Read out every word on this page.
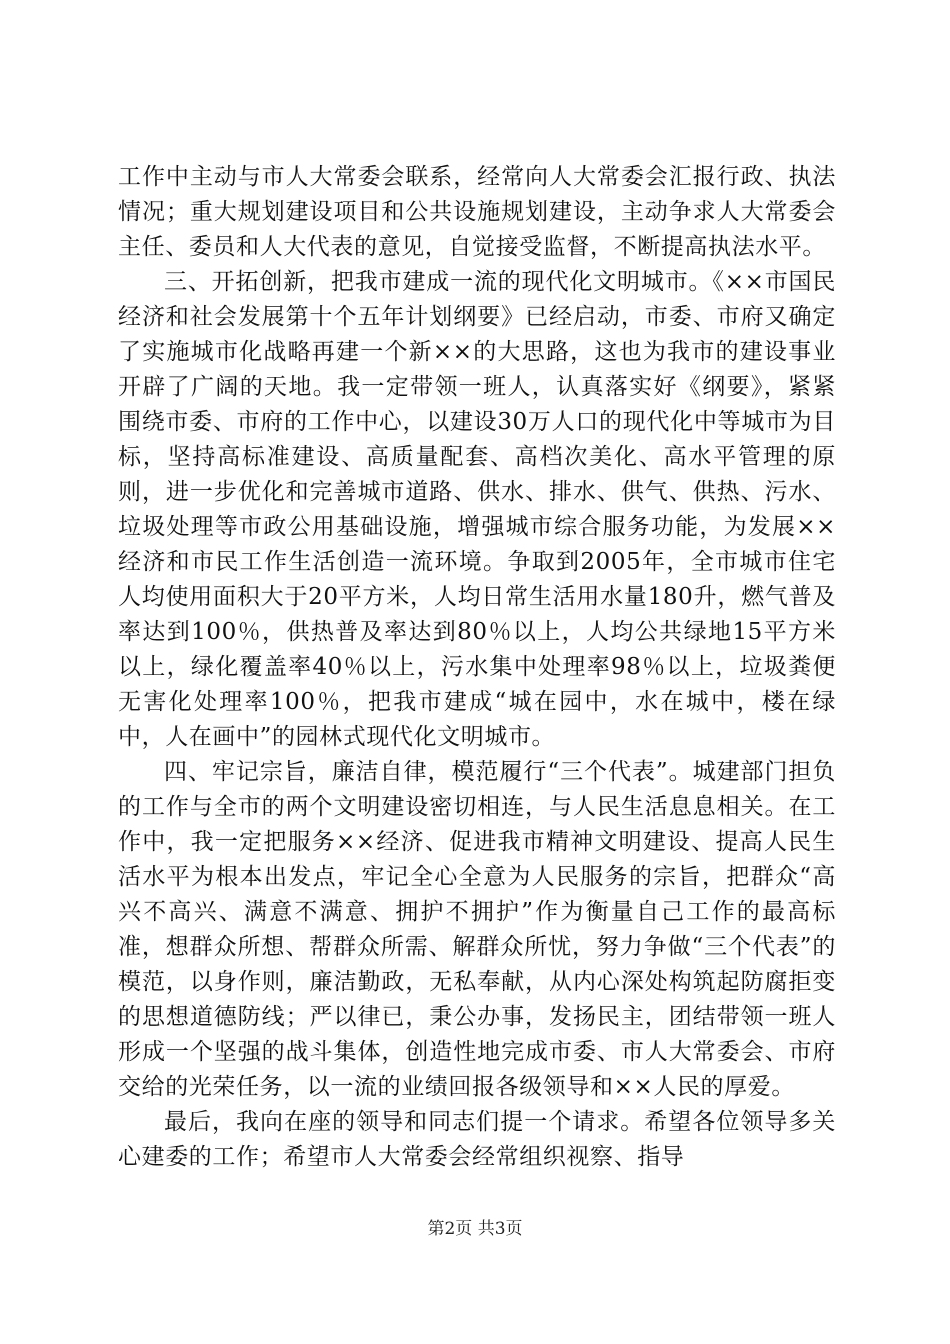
工作中主动与市人大常委会联系，经常向人大常委会汇报行政、执法情况；重大规划建设项目和公共设施规划建设，主动争求人大常委会主任、委员和人大代表的意见，自觉接受监督，不断提高执法水平。

三、开拓创新，把我市建成一流的现代化文明城市。《××市国民经济和社会发展第十个五年计划纲要》已经启动，市委、市府又确定了实施城市化战略再建一个新××的大思路，这也为我市的建设事业开辟了广阔的天地。我一定带领一班人，认真落实好《纲要》，紧紧围绕市委、市府的工作中心，以建设30万人口的现代化中等城市为目标，坚持高标准建设、高质量配套、高档次美化、高水平管理的原则，进一步优化和完善城市道路、供水、排水、供气、供热、污水、垃圾处理等市政公用基础设施，增强城市综合服务功能，为发展××经济和市民工作生活创造一流环境。争取到2005年，全市城市住宅人均使用面积大于20平方米，人均日常生活用水量180升，燃气普及率达到100％，供热普及率达到80％以上，人均公共绿地15平方米以上，绿化覆盖率40％以上，污水集中处理率98％以上，垃圾粪便无害化处理率100％，把我市建成“城在园中，水在城中，楼在绿中，人在画中”的园林式现代化文明城市。

四、牢记宗旨，廉洁自律，模范履行“三个代表”。城建部门担负的工作与全市的两个文明建设密切相连，与人民生活息息相关。在工作中，我一定把服务××经济、促进我市精神文明建设、提高人民生活水平为根本出发点，牢记全心全意为人民服务的宗旨，把群众“高兴不高兴、满意不满意、拥护不拥护”作为衡量自己工作的最高标准，想群众所想、帮群众所需、解群众所忧，努力争做“三个代表”的模范，以身作则，廉洁勤政，无私奉献，从内心深处构筑起防腐拒变的思想道德防线；严以律已，秉公办事，发扬民主，团结带领一班人形成一个坚强的战斗集体，创造性地完成市委、市人大常委会、市府交给的光荣任务，以一流的业绩回报各级领导和××人民的厚爱。

最后，我向在座的领导和同志们提一个请求。希望各位领导多关心建委的工作；希望市人大常委会经常组织视察、指导

第2页 共3页
